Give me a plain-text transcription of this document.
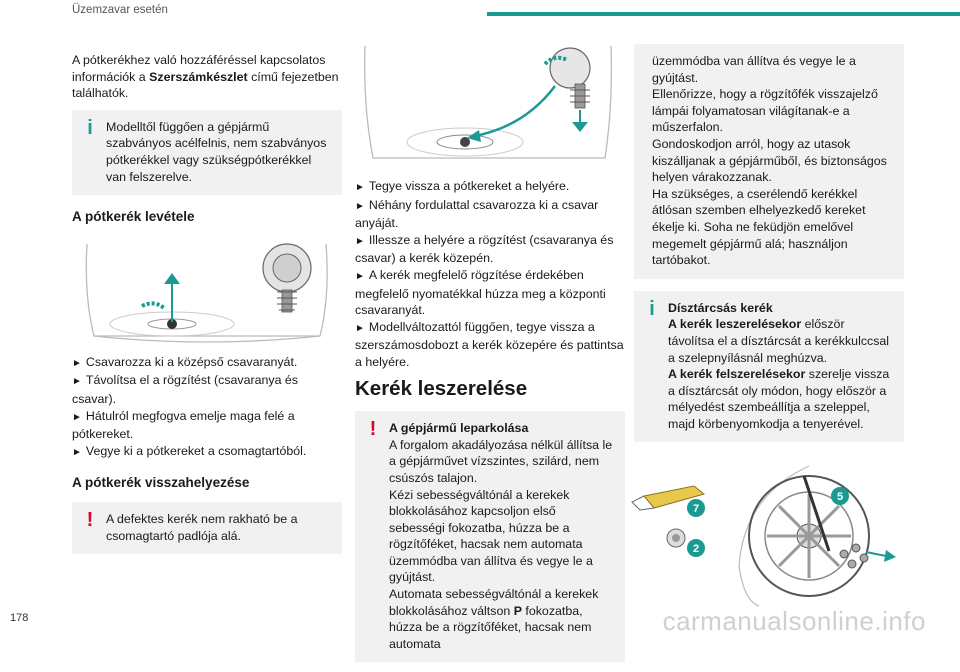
Üzemzavar esetén

A pótkerékhez való hozzáféréssel kapcsolatos információk a Szerszámkészlet című fejezetben találhatók.

i	Modelltől függően a gépjármű szabványos acélfelnis, nem szabványos pótkerékkel vagy szükségpótkerékkel van felszerelve.
A pótkerék levétele
► Csavarozza ki a középső csavaranyát.
► Távolítsa el a rögzítést (csavaranya és csavar).
► Hátulról megfogva emelje maga felé a pótkereket.
► Vegye ki a pótkereket a csomagtartóból.
A pótkerék visszahelyezése
! A defektes kerék nem rakható be a csomagtartó padlója alá.
► Tegye vissza a pótkereket a helyére.
► Néhány fordulattal csavarozza ki a csavar anyáját.
► Illessze a helyére a rögzítést (csavaranya és csavar) a kerék közepén.
► A kerék megfelelő rögzítése érdekében megfelelő nyomatékkal húzza meg a központi csavaranyát.
► Modellváltozattól függően, tegye vissza a szerszámosdobozt a kerék közepére és pattintsa a helyére.
Kerék leszerelése
! A gépjármű leparkolása
A forgalom akadályozása nélkül állítsa le a gépjárművet vízszintes, szilárd, nem csúszós talajon.
Kézi sebességváltónál a kerekek blokkolásához kapcsoljon első sebességi fokozatba, húzza be a rögzítőféket, hacsak nem automata üzemmódba van állítva és vegye le a gyújtást.
Automata sebességváltónál a kerekek blokkolásához váltson P fokozatba, húzza be a rögzítőféket, hacsak nem automata
üzemmódba van állítva és vegye le a gyújtást.
Ellenőrizze, hogy a rögzítőfék visszajelző lámpái folyamatosan világítanak-e a műszerfalon.
Gondoskodjon arról, hogy az utasok kiszálljanak a gépjárműből, és biztonságos helyen várakozzanak.
Ha szükséges, a cserélendő kerékkel átlósan szemben elhelyezkedő kereket ékelje ki. Soha ne feküdjön emelővel megemelt gépjármű alá; használjon tartóbakot.
i	Dísztárcsás kerék
A kerék leszerelésekor először távolítsa el a dísztárcsát a kerékkulccsal a szelepnyílásnál meghúzva.
A kerék felszerelésekor szerelje vissza a dísztárcsát oly módon, hogy először a mélyedést szembeállítja a szeleppel, majd körbenyomkodja a tenyerével.
7
5
2
178	carmanualsonline.info
